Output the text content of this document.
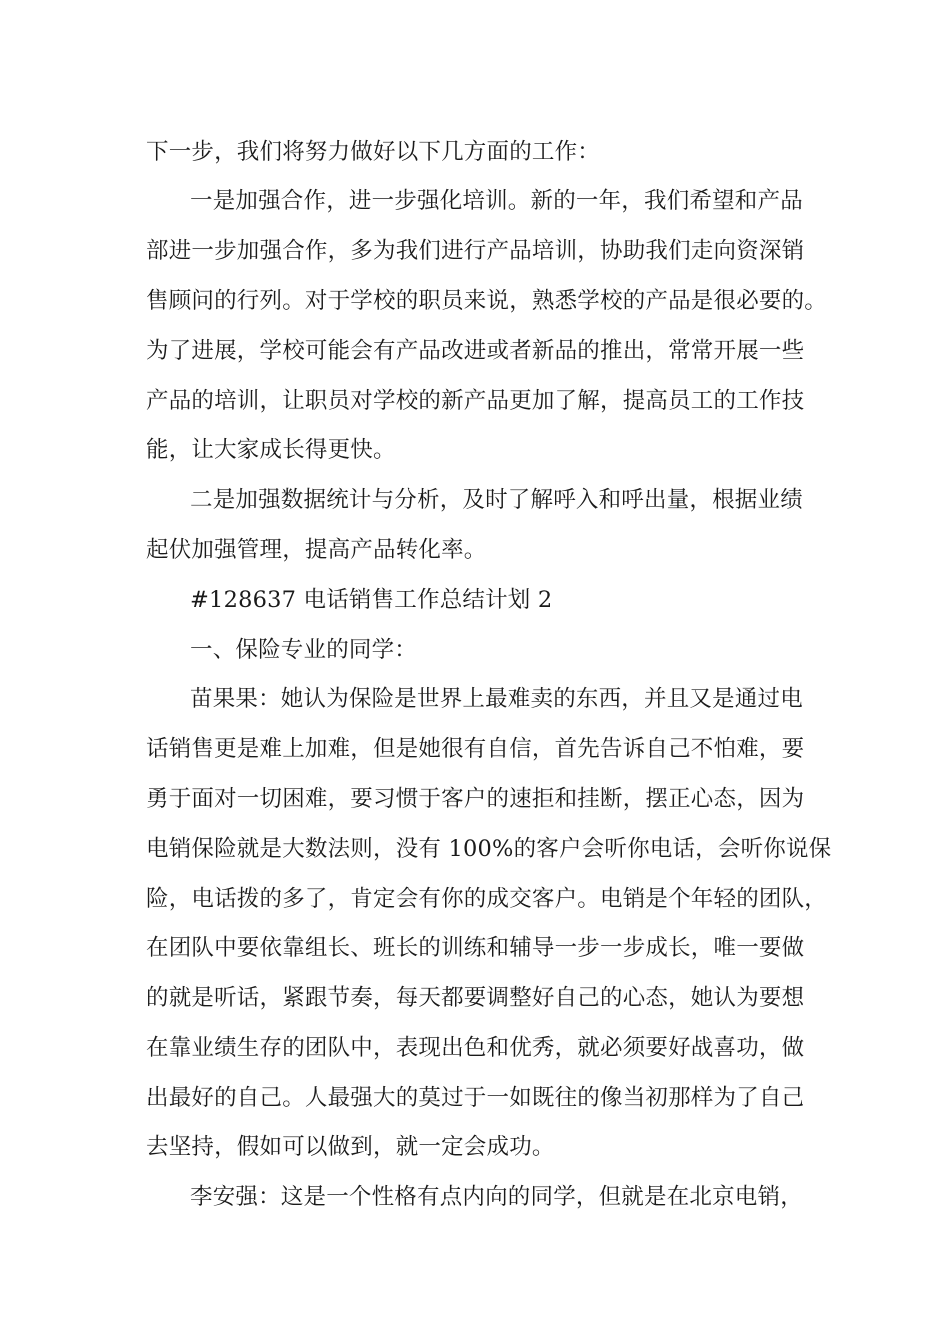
下一步，我们将努力做好以下几方面的工作：
一是加强合作，进一步强化培训。新的一年，我们希望和产品
部进一步加强合作，多为我们进行产品培训，协助我们走向资深销
售顾问的行列。对于学校的职员来说，熟悉学校的产品是很必要的。
为了进展，学校可能会有产品改进或者新品的推出，常常开展一些
产品的培训，让职员对学校的新产品更加了解，提高员工的工作技
能，让大家成长得更快。
二是加强数据统计与分析，及时了解呼入和呼出量，根据业绩
起伏加强管理，提高产品转化率。
#128637 电话销售工作总结计划 2
一、保险专业的同学：
苗果果：她认为保险是世界上最难卖的东西，并且又是通过电
话销售更是难上加难，但是她很有自信，首先告诉自己不怕难，要
勇于面对一切困难，要习惯于客户的速拒和挂断，摆正心态，因为
电销保险就是大数法则，没有 100%的客户会听你电话，会听你说保
险，电话拨的多了，肯定会有你的成交客户。电销是个年轻的团队，
在团队中要依靠组长、班长的训练和辅导一步一步成长，唯一要做
的就是听话，紧跟节奏，每天都要调整好自己的心态，她认为要想
在靠业绩生存的团队中，表现出色和优秀，就必须要好战喜功，做
出最好的自己。人最强大的莫过于一如既往的像当初那样为了自己
去坚持，假如可以做到，就一定会成功。
李安强：这是一个性格有点内向的同学，但就是在北京电销，
